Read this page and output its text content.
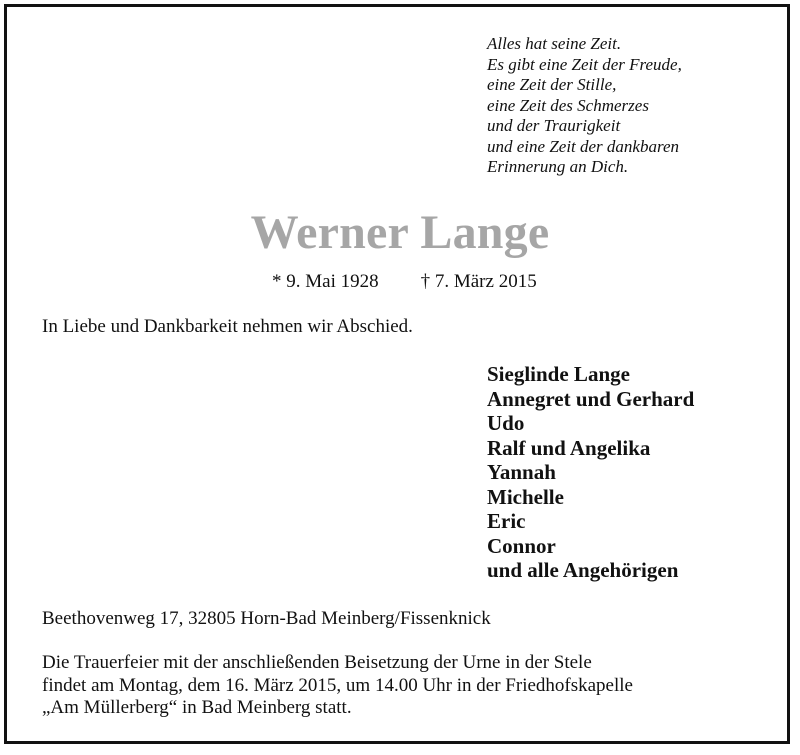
Alles hat seine Zeit.
Es gibt eine Zeit der Freude,
eine Zeit der Stille,
eine Zeit des Schmerzes
und der Traurigkeit
und eine Zeit der dankbaren
Erinnerung an Dich.
Werner Lange
* 9. Mai 1928 † 7. März 2015
In Liebe und Dankbarkeit nehmen wir Abschied.
Sieglinde Lange
Annegret und Gerhard
Udo
Ralf und Angelika
Yannah
Michelle
Eric
Connor
und alle Angehörigen
Beethovenweg 17, 32805 Horn-Bad Meinberg/Fissenknick
Die Trauerfeier mit der anschließenden Beisetzung der Urne in der Stele
findet am Montag, dem 16. März 2015, um 14.00 Uhr in der Friedhofskapelle
„Am Müllerberg“ in Bad Meinberg statt.
